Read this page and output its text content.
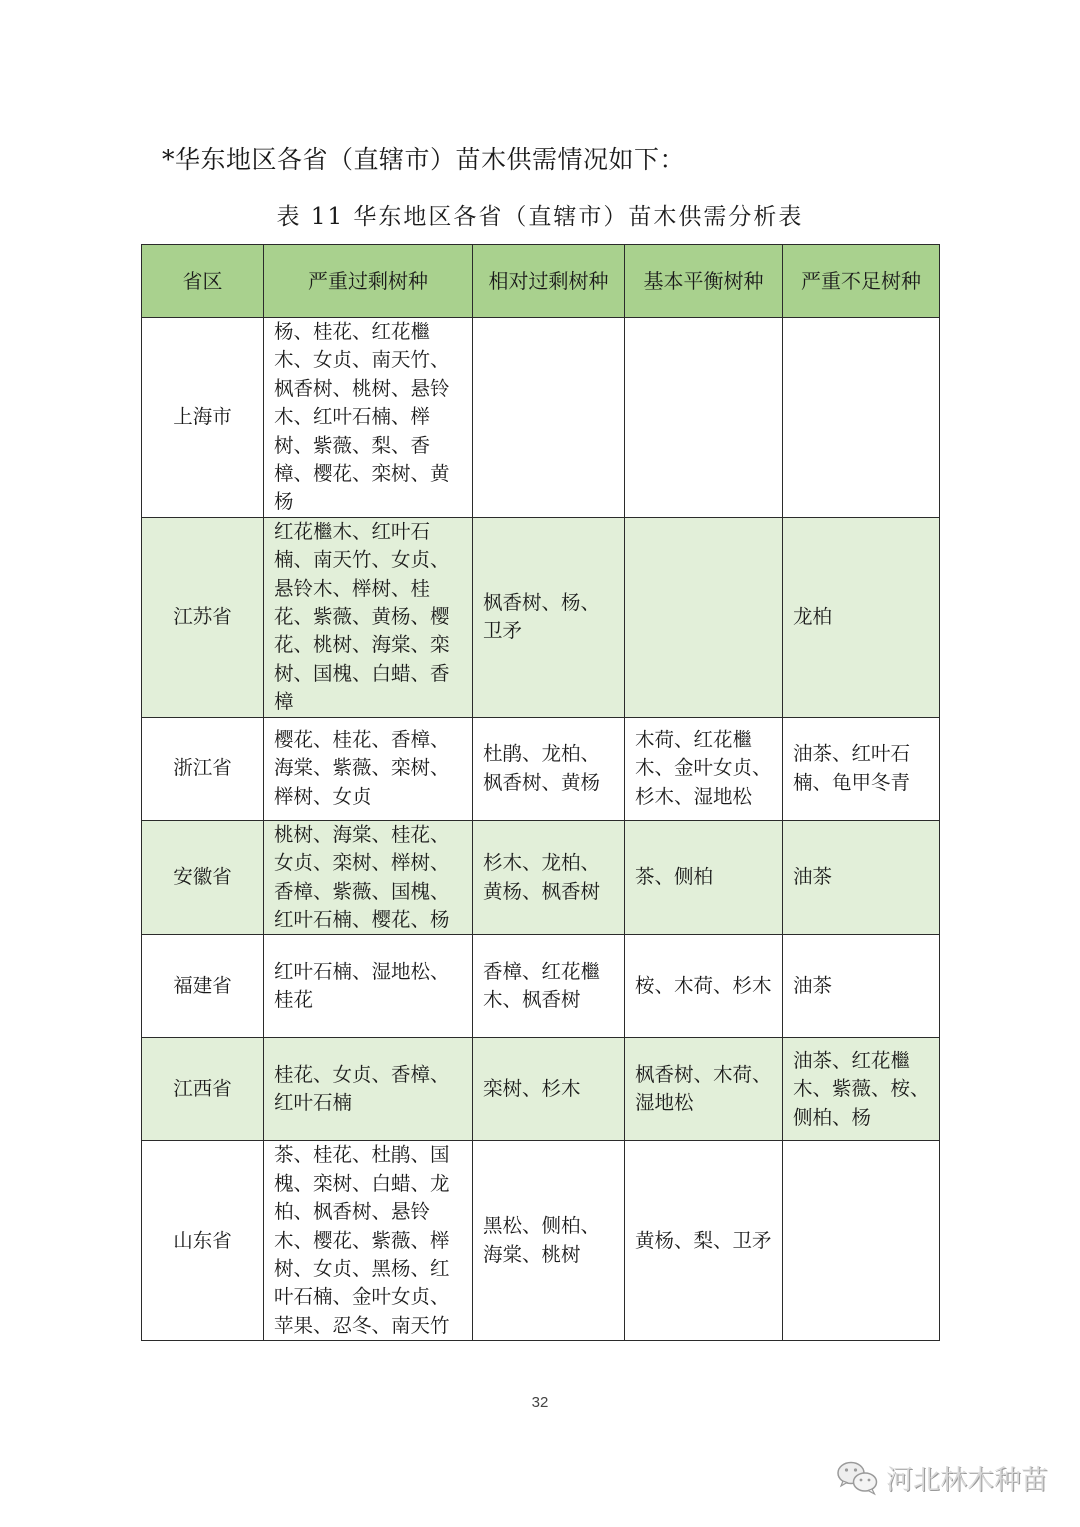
*华东地区各省（直辖市）苗木供需情况如下：
表 11 华东地区各省（直辖市）苗木供需分析表
省区	严重过剩树种	相对过剩树种	基本平衡树种	严重不足树种
上海市	杨、桂花、红花檵木、女贞、南天竹、枫香树、桃树、悬铃木、红叶石楠、榉树、紫薇、梨、香樟、樱花、栾树、黄杨			
江苏省	红花檵木、红叶石楠、南天竹、女贞、悬铃木、榉树、桂花、紫薇、黄杨、樱花、桃树、海棠、栾树、国槐、白蜡、香樟	枫香树、杨、卫矛		龙柏
浙江省	樱花、桂花、香樟、海棠、紫薇、栾树、榉树、女贞	杜鹃、龙柏、枫香树、黄杨	木荷、红花檵木、金叶女贞、杉木、湿地松	油茶、红叶石楠、龟甲冬青
安徽省	桃树、海棠、桂花、女贞、栾树、榉树、香樟、紫薇、国槐、红叶石楠、樱花、杨	杉木、龙柏、黄杨、枫香树	茶、侧柏	油茶
福建省	红叶石楠、湿地松、桂花	香樟、红花檵木、枫香树	桉、木荷、杉木	油茶
江西省	桂花、女贞、香樟、红叶石楠	栾树、杉木	枫香树、木荷、湿地松	油茶、红花檵木、紫薇、桉、侧柏、杨
山东省	茶、桂花、杜鹃、国槐、栾树、白蜡、龙柏、枫香树、悬铃木、樱花、紫薇、榉树、女贞、黑杨、红叶石楠、金叶女贞、苹果、忍冬、南天竹	黑松、侧柏、海棠、桃树	黄杨、梨、卫矛	
32
河北林木种苗
